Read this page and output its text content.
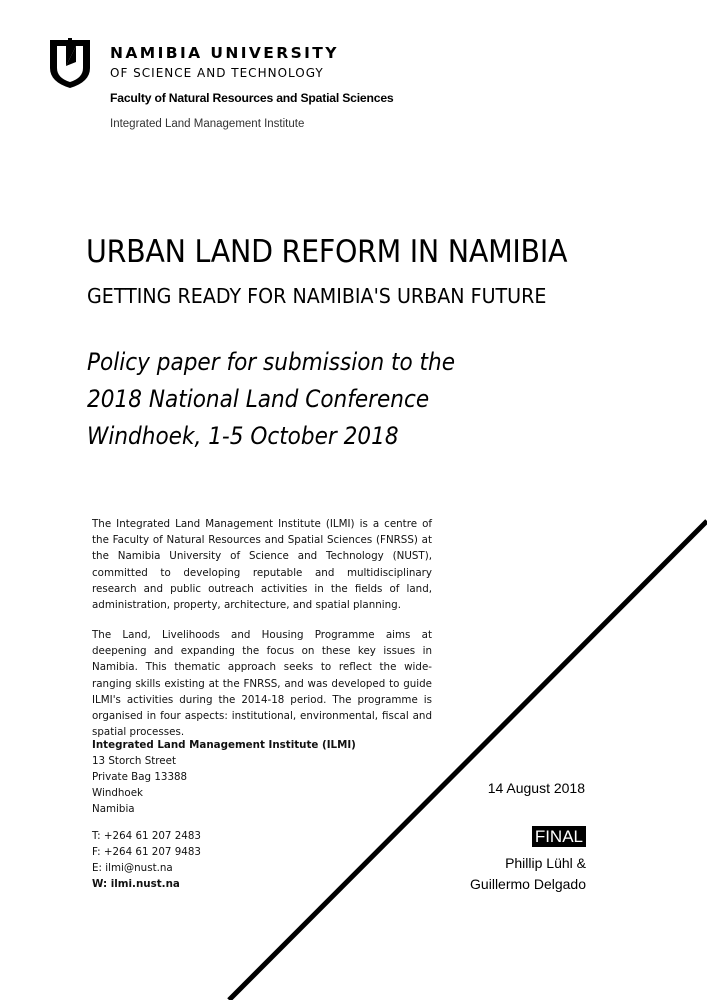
NAMIBIA UNIVERSITY
OF SCIENCE AND TECHNOLOGY
Faculty of Natural Resources and Spatial Sciences
Integrated Land Management Institute
URBAN LAND REFORM IN NAMIBIA
GETTING READY FOR NAMIBIA'S URBAN FUTURE
Policy paper for submission to the
2018 National Land Conference
Windhoek, 1-5 October 2018
The Integrated Land Management Institute (ILMI) is a centre of the Faculty of Natural Resources and Spatial Sciences (FNRSS) at the Namibia University of Science and Technology (NUST), committed to developing reputable and multidisciplinary research and public outreach activities in the fields of land, administration, property, architecture, and spatial planning.
The Land, Livelihoods and Housing Programme aims at deepening and expanding the focus on these key issues in Namibia. This thematic approach seeks to reflect the wide-ranging skills existing at the FNRSS, and was developed to guide ILMI's activities during the 2014-18 period. The programme is organised in four aspects: institutional, environmental, fiscal and spatial processes.
Integrated Land Management Institute (ILMI)
13 Storch Street
Private Bag 13388
Windhoek
Namibia
T: +264 61 207 2483
F: +264 61 207 9483
E: ilmi@nust.na
W: ilmi.nust.na
14 August 2018
FINAL
Phillip Lühl &
Guillermo Delgado
